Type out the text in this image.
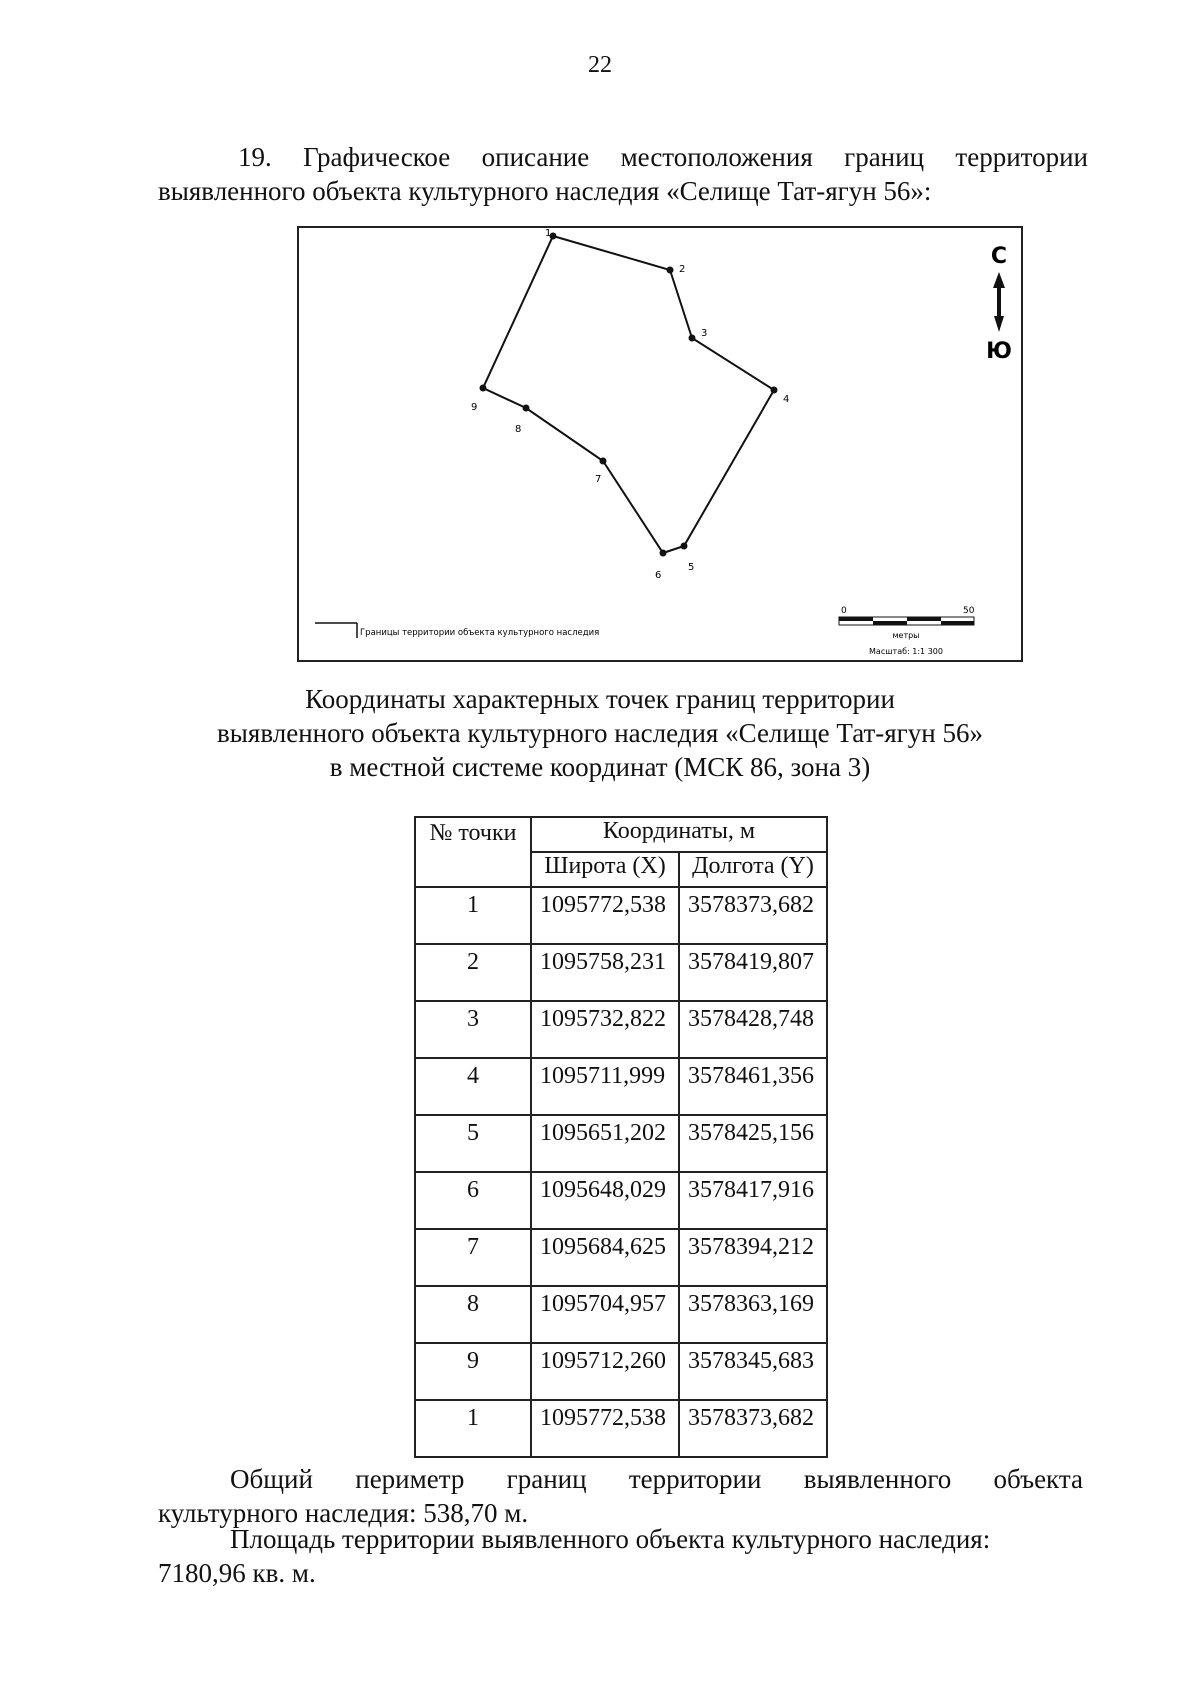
22
19. Графическое описание местоположения границ территории
выявленного объекта культурного наследия «Селище Тат-ягун 56»:
1
2
3
4
5
6
7
8
9
С
Ю
Границы территории объекта культурного наследия
0	50
метры
Масштаб: 1:1 300
Координаты характерных точек границ территории
выявленного объекта культурного наследия «Селище Тат-ягун 56»
в местной системе координат (МСК 86, зона 3)
№ точки	Координаты, м	
	Широта (X)	Долгота (Y)
1	1095772,538	3578373,682
2	1095758,231	3578419,807
3	1095732,822	3578428,748
4	1095711,999	3578461,356
5	1095651,202	3578425,156
6	1095648,029	3578417,916
7	1095684,625	3578394,212
8	1095704,957	3578363,169
9	1095712,260	3578345,683
1	1095772,538	3578373,682
Общий периметр границ территории выявленного объекта
культурного наследия: 538,70 м.
Площадь территории выявленного объекта культурного наследия:
7180,96 кв. м.
